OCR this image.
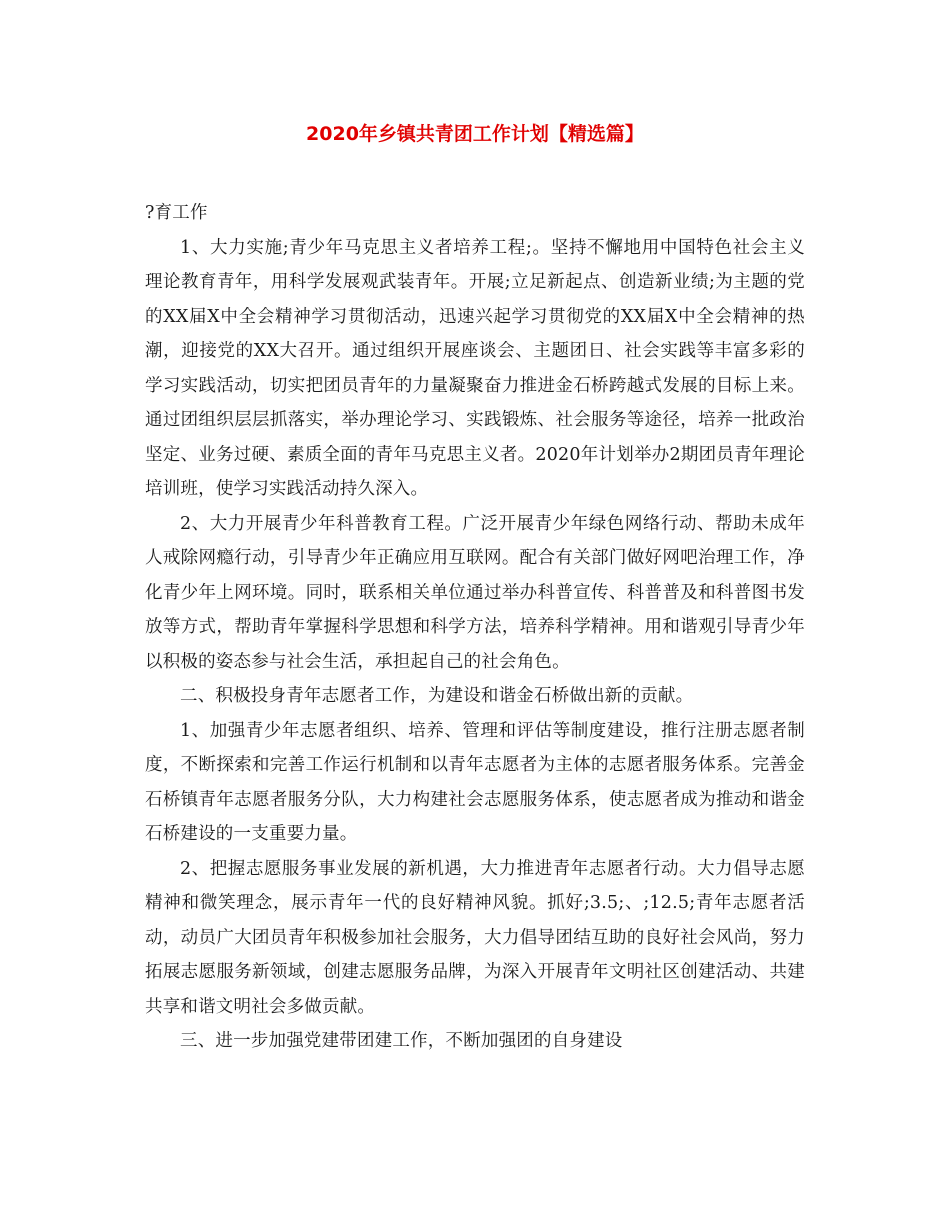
2020年乡镇共青团工作计划【精选篇】

?育工作

1、大力实施;青少年马克思主义者培养工程;。坚持不懈地用中国特色社会主义理论教育青年，用科学发展观武装青年。开展;立足新起点、创造新业绩;为主题的党的XX届X中全会精神学习贯彻活动，迅速兴起学习贯彻党的XX届X中全会精神的热潮，迎接党的XX大召开。通过组织开展座谈会、主题团日、社会实践等丰富多彩的学习实践活动，切实把团员青年的力量凝聚奋力推进金石桥跨越式发展的目标上来。通过团组织层层抓落实，举办理论学习、实践锻炼、社会服务等途径，培养一批政治坚定、业务过硬、素质全面的青年马克思主义者。2020年计划举办2期团员青年理论培训班，使学习实践活动持久深入。

2、大力开展青少年科普教育工程。广泛开展青少年绿色网络行动、帮助未成年人戒除网瘾行动，引导青少年正确应用互联网。配合有关部门做好网吧治理工作，净化青少年上网环境。同时，联系相关单位通过举办科普宣传、科普普及和科普图书发放等方式，帮助青年掌握科学思想和科学方法，培养科学精神。用和谐观引导青少年以积极的姿态参与社会生活，承担起自己的社会角色。

二、积极投身青年志愿者工作，为建设和谐金石桥做出新的贡献。

1、加强青少年志愿者组织、培养、管理和评估等制度建设，推行注册志愿者制度，不断探索和完善工作运行机制和以青年志愿者为主体的志愿者服务体系。完善金石桥镇青年志愿者服务分队，大力构建社会志愿服务体系，使志愿者成为推动和谐金石桥建设的一支重要力量。

2、把握志愿服务事业发展的新机遇，大力推进青年志愿者行动。大力倡导志愿精神和微笑理念，展示青年一代的良好精神风貌。抓好;3.5;、;12.5;青年志愿者活动，动员广大团员青年积极参加社会服务，大力倡导团结互助的良好社会风尚，努力拓展志愿服务新领域，创建志愿服务品牌，为深入开展青年文明社区创建活动、共建共享和谐文明社会多做贡献。

三、进一步加强党建带团建工作，不断加强团的自身建设
